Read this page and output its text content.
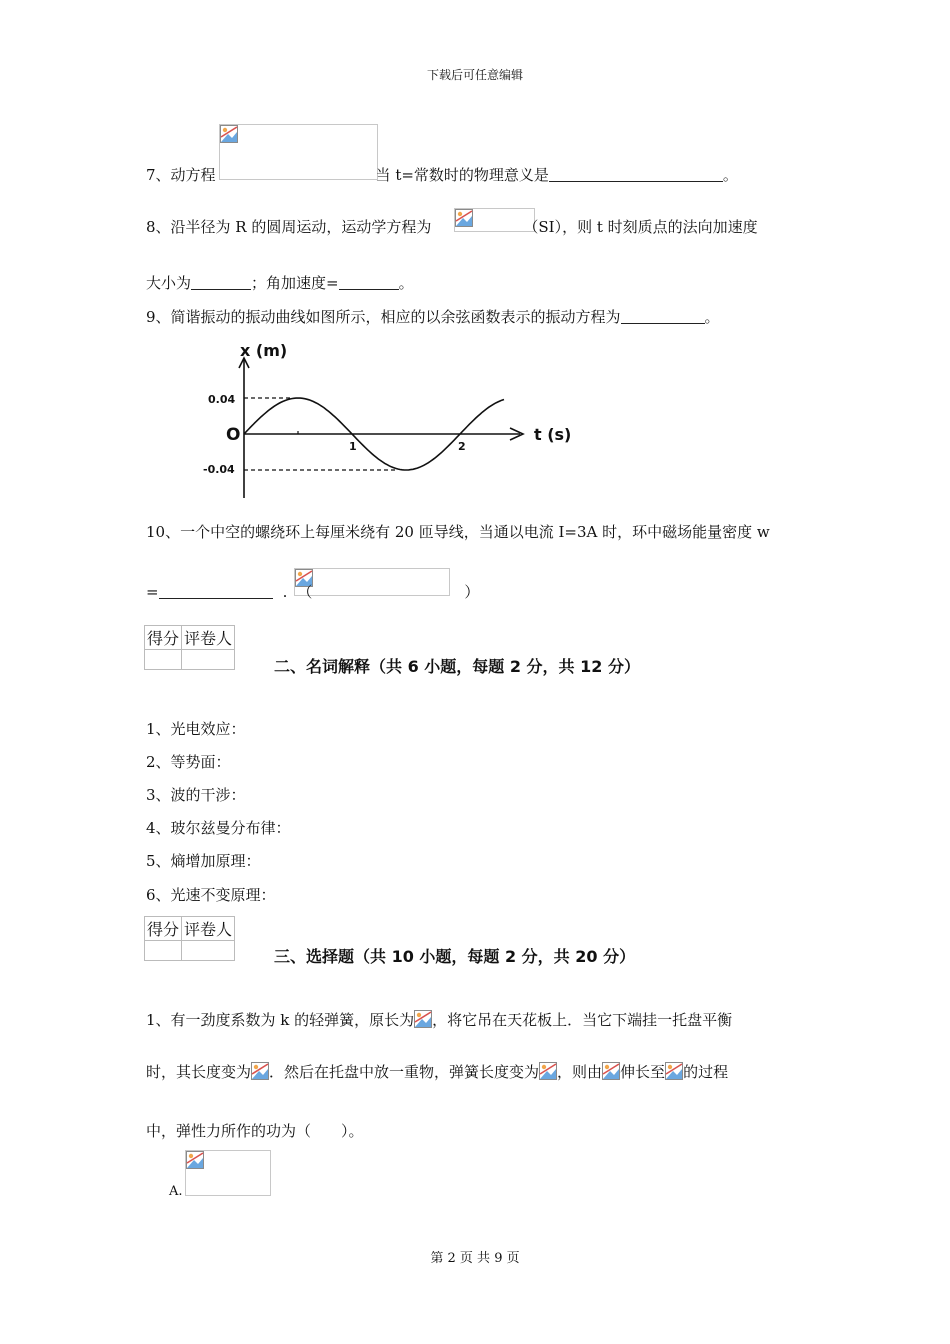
下载后可任意编辑
7、动方程	当 t=常数时的物理意义是	。
8、沿半径为 R 的圆周运动，运动学方程为	（SI），则 t 时刻质点的法向加速度
大小为	；角加速度=	。
9、简谐振动的振动曲线如图所示，相应的以余弦函数表示的振动方程为	。
x (m)
t (s)
O
0.04
-0.04
1	2
10、一个中空的螺绕环上每厘米绕有 20 匝导线，当通以电流 I=3A 时，环中磁场能量密度 w
=	. （	）
得分	评卷人

二、名词解释（共 6 小题，每题 2 分，共 12 分）
1、光电效应：
2、等势面：
3、波的干涉：
4、玻尔兹曼分布律：
5、熵增加原理：
6、光速不变原理：
得分	评卷人

三、选择题（共 10 小题，每题 2 分，共 20 分）
1、有一劲度系数为 k 的轻弹簧，原长为 ，将它吊在天花板上．当它下端挂一托盘平衡
时，其长度变为 ．然后在托盘中放一重物，弹簧长度变为 ，则由 伸长至 的过程
中，弹性力所作的功为（　　）。
A.
第 2 页 共 9 页
